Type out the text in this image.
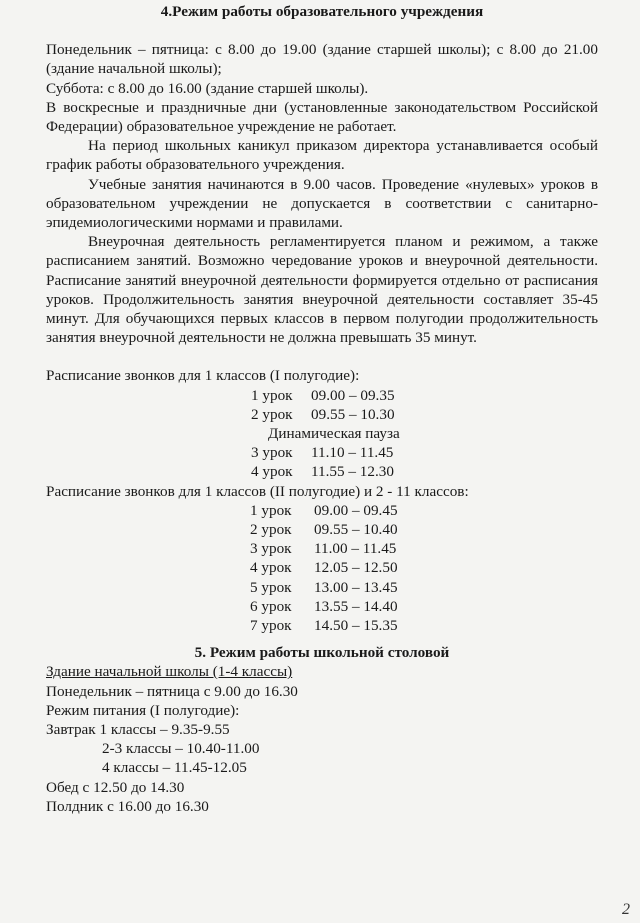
4.Режим работы образовательного учреждения

Понедельник – пятница: с 8.00 до 19.00 (здание старшей школы); с 8.00 до 21.00 (здание начальной школы);

Суббота: с 8.00 до 16.00 (здание старшей школы).

В воскресные и праздничные дни (установленные законодательством Российской Федерации) образовательное учреждение не работает.

На период школьных каникул приказом директора устанавливается особый график работы образовательного учреждения.

Учебные занятия начинаются в 9.00 часов. Проведение «нулевых» уроков в образовательном учреждении не допускается в соответствии с санитарно-эпидемиологическими нормами и правилами.

Внеурочная деятельность регламентируется планом и режимом, а также расписанием занятий. Возможно чередование уроков и внеурочной деятельности. Расписание занятий внеурочной деятельности формируется отдельно от расписания уроков. Продолжительность занятия внеурочной деятельности составляет 35-45 минут. Для обучающихся первых классов в первом полугодии продолжительность занятия внеурочной деятельности не должна превышать 35 минут.

Расписание звонков для 1 классов (I полугодие):

1 урок 09.00 – 09.35
2 урок 09.55 – 10.30
Динамическая пауза
3 урок 11.10 – 11.45
4 урок 11.55 – 12.30

Расписание звонков для 1 классов (II полугодие) и 2 - 11 классов:

1 урок 09.00 – 09.45
2 урок 09.55 – 10.40
3 урок 11.00 – 11.45
4 урок 12.05 – 12.50
5 урок 13.00 – 13.45
6 урок 13.55 – 14.40
7 урок 14.50 – 15.35

5. Режим работы школьной столовой

Здание начальной школы (1-4 классы)

Понедельник – пятница с 9.00 до 16.30

Режим питания (I полугодие):

Завтрак 1 классы – 9.35-9.55

2-3 классы – 10.40-11.00

4 классы – 11.45-12.05

Обед с 12.50 до 14.30

Полдник с 16.00 до 16.30

2
